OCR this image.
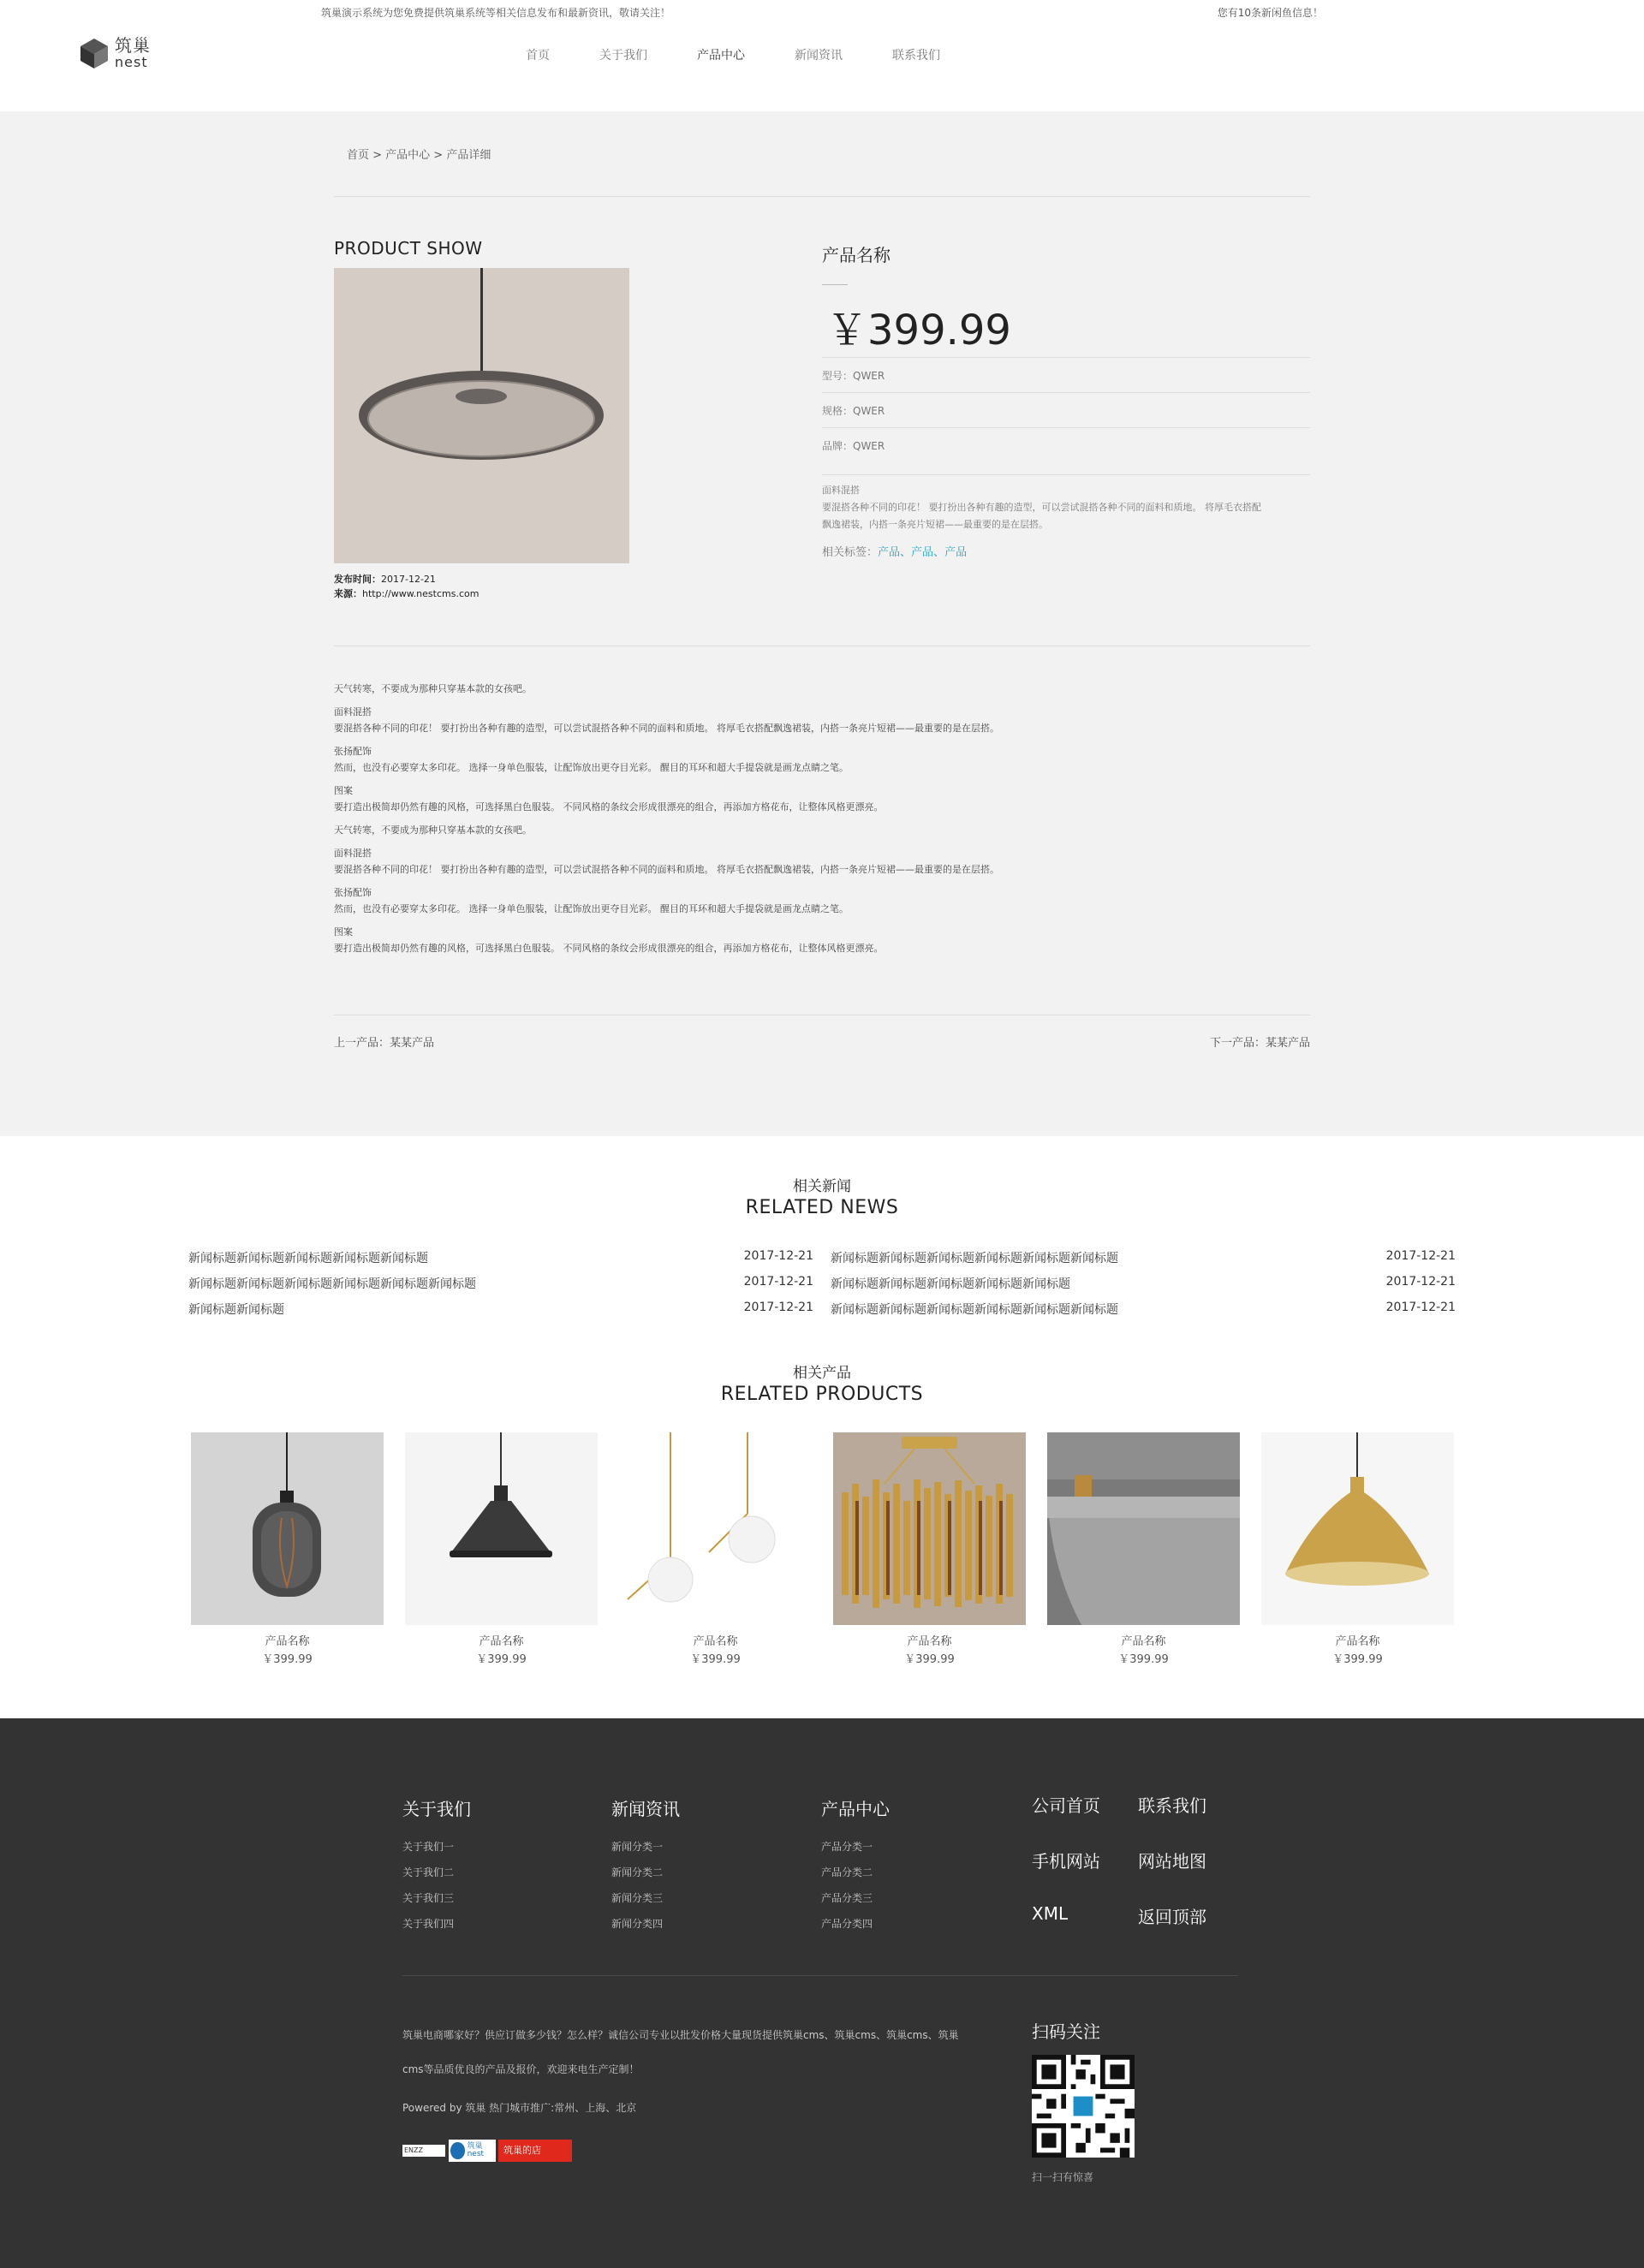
筑巢演示系统为您免费提供筑巢系统等相关信息发布和最新资讯，敬请关注！	您有10条新闲鱼信息！
筑巢
nest	首页	关于我们	产品中心	新闻资讯	联系我们
首页 > 产品中心 > 产品详细
PRODUCT SHOW
发布时间：2017-12-21
来源：http://www.nestcms.com
产品名称
￥399.99
型号：QWER
规格：QWER
品牌：QWER
面料混搭
要混搭各种不同的印花！ 要打扮出各种有趣的造型，可以尝试混搭各种不同的面料和质地。 将厚毛衣搭配
飘逸裙装，内搭一条亮片短裙——最重要的是在层搭。
相关标签：产品、产品、产品

天气转寒，不要成为那种只穿基本款的女孩吧。

面料混搭
要混搭各种不同的印花！ 要打扮出各种有趣的造型，可以尝试混搭各种不同的面料和质地。 将厚毛衣搭配飘逸裙装，内搭一条亮片短裙——最重要的是在层搭。

张扬配饰
然而，也没有必要穿太多印花。 选择一身单色服装，让配饰放出更夺目光彩。 醒目的耳环和超大手提袋就是画龙点睛之笔。

图案
要打造出极简却仍然有趣的风格，可选择黑白色服装。 不同风格的条纹会形成很漂亮的组合，再添加方格花布，让整体风格更漂亮。

天气转寒，不要成为那种只穿基本款的女孩吧。

面料混搭
要混搭各种不同的印花！ 要打扮出各种有趣的造型，可以尝试混搭各种不同的面料和质地。 将厚毛衣搭配飘逸裙装，内搭一条亮片短裙——最重要的是在层搭。

张扬配饰
然而，也没有必要穿太多印花。 选择一身单色服装，让配饰放出更夺目光彩。 醒目的耳环和超大手提袋就是画龙点睛之笔。

图案
要打造出极简却仍然有趣的风格，可选择黑白色服装。 不同风格的条纹会形成很漂亮的组合，再添加方格花布，让整体风格更漂亮。

上一产品：某某产品	下一产品：某某产品
相关新闻
RELATED NEWS
新闻标题新闻标题新闻标题新闻标题新闻标题	2017-12-21
新闻标题新闻标题新闻标题新闻标题新闻标题新闻标题	2017-12-21
新闻标题新闻标题	2017-12-21
新闻标题新闻标题新闻标题新闻标题新闻标题新闻标题	2017-12-21
新闻标题新闻标题新闻标题新闻标题新闻标题	2017-12-21
新闻标题新闻标题新闻标题新闻标题新闻标题新闻标题	2017-12-21
相关产品
RELATED PRODUCTS
产品名称
￥399.99
产品名称
￥399.99
产品名称
￥399.99
产品名称
￥399.99
产品名称
￥399.99
产品名称
￥399.99
关于我们
关于我们一
关于我们二
关于我们三
关于我们四
新闻资讯
新闻分类一
新闻分类二
新闻分类三
新闻分类四
产品中心
产品分类一
产品分类二
产品分类三
产品分类四
公司首页	联系我们
手机网站	网站地图
XML	返回顶部
筑巢电商哪家好？供应订做多少钱？怎么样？诚信公司专业以批发价格大量现货提供筑巢cms、筑巢cms、筑巢cms、筑巢cms等品质优良的产品及报价，欢迎来电生产定制！
Powered by 筑巢 热门城市推广:常州、上海、北京
ENZZ	筑巢 nest	筑巢的店
扫码关注
扫一扫有惊喜
